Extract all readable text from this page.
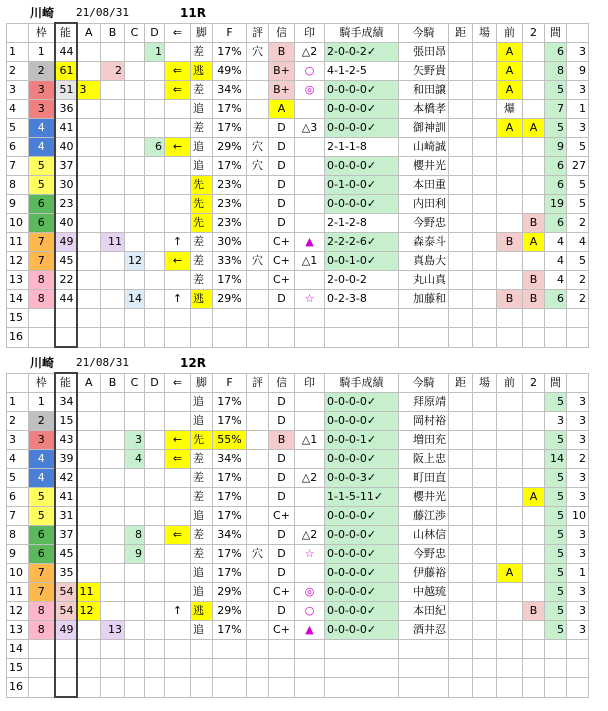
川崎 21/08/31	11R
	枠	能	A	B	C	D	⇐	脚	F	評	信	印	騎手成績	今騎	距	場	前	2	間	
1	1	44				1		差	17%	穴	B	△2	2-0-0-2✓	張田昂			A		6	3
2	2	61		2			⇐	逃	49%		B+	○	4-1-2-5	矢野貴			A		8	9
3	3	51	3				⇐	差	34%		B+	◎	0-0-0-0✓	和田譲			A		5	3
4	3	36						追	17%		A		0-0-0-0✓	本橋孝			爆		7	1
5	4	41						差	17%		D	△3	0-0-0-0✓	御神訓			A	A	5	3
6	4	40				6	←	追	29%	穴	D		2-1-1-8	山崎誠					9	5
7	5	37						追	17%	穴	D		0-0-0-0✓	櫻井光					6	27
8	5	30						先	23%		D		0-1-0-0✓	本田重					6	5
9	6	23						先	23%		D		0-0-0-0✓	内田利					19	5
10	6	40						先	23%		D		2-1-2-8	今野忠				B	6	2
11	7	49		11			↑	差	30%		C+	▲	2-2-2-6✓	森泰斗			B	A	4	4
12	7	45			12		←	差	33%	穴	C+	△1	0-0-1-0✓	真島大					4	5
13	8	22						差	17%		C+		2-0-0-2	丸山真				B	4	2
14	8	44			14		↑	逃	29%		D	☆	0-2-3-8	加藤和			B	B	6	2
15																				
16																				
川崎 21/08/31	12R
	枠	能	A	B	C	D	⇐	脚	F	評	信	印	騎手成績	今騎	距	場	前	2	間	
1	1	34						追	17%		D		0-0-0-0✓	拜原靖					5	3
2	2	15						追	17%		D		0-0-0-0✓	岡村裕					3	3
3	3	43			3		←	先	55%		B	△1	0-0-0-1✓	増田充					5	3
4	4	39			4		⇐	差	34%		D		0-0-0-0✓	阪上忠					14	2
5	4	42						差	17%		D	△2	0-0-0-3✓	町田直					5	3
6	5	41						差	17%		D		1-1-5-11✓	櫻井光				A	5	3
7	5	31						追	17%		C+		0-0-0-0✓	藤江渉					5	10
8	6	37			8		⇐	差	34%		D	△2	0-0-0-0✓	山林信					5	3
9	6	45			9			差	17%	穴	D	☆	0-0-0-0✓	今野忠					5	3
10	7	35						追	17%		D		0-0-0-0✓	伊藤裕			A		5	1
11	7	54	11					追	29%		C+	◎	0-0-0-0✓	中越琉					5	3
12	8	54	12				↑	逃	29%		D	○	0-0-0-0✓	本田紀				B	5	3
13	8	49		13				追	17%		C+	▲	0-0-0-0✓	酒井忍					5	3
14																				
15																				
16																				
